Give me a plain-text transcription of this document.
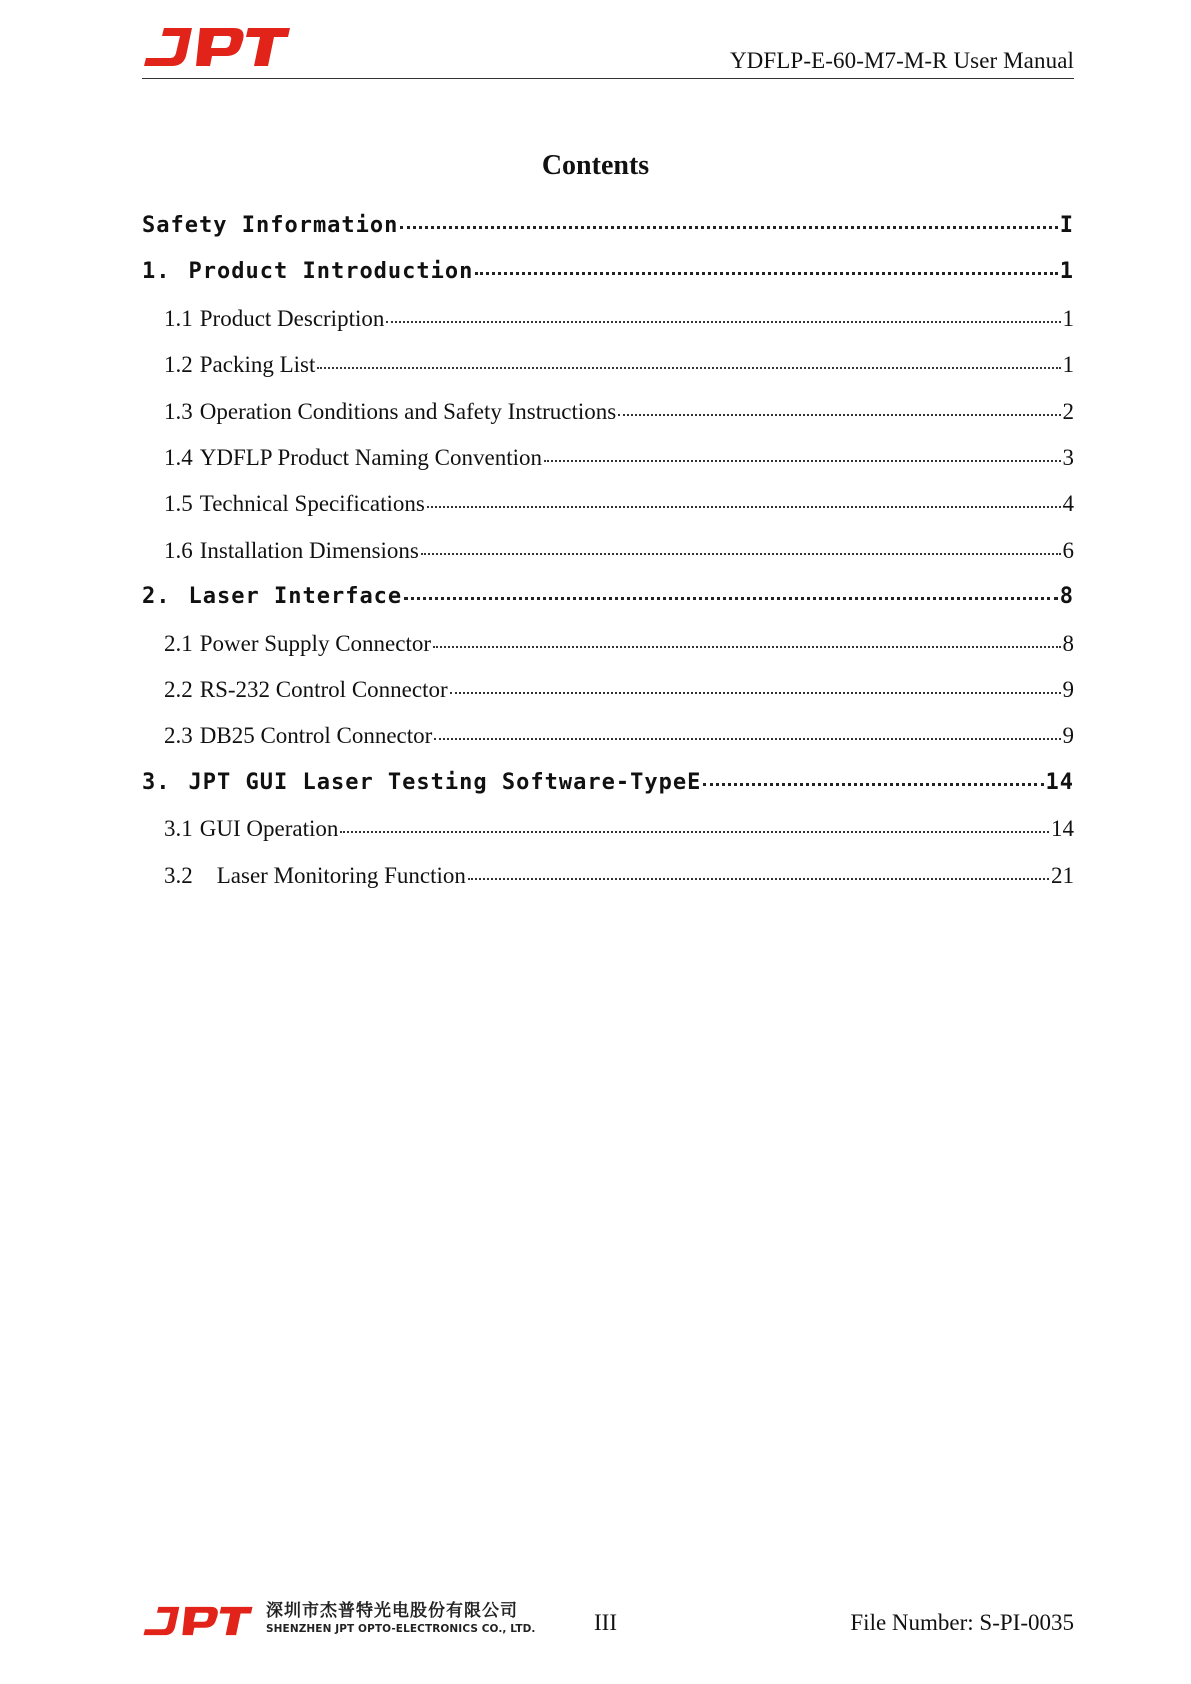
YDFLP-E-60-M7-M-R User Manual
Contents
Safety Information	I
1. Product Introduction	1
1.1 Product Description	1
1.2 Packing List	1
1.3 Operation Conditions and Safety Instructions	2
1.4 YDFLP Product Naming Convention	3
1.5 Technical Specifications	4
1.6 Installation Dimensions	6
2. Laser Interface	8
2.1 Power Supply Connector	8
2.2 RS-232 Control Connector	9
2.3 DB25 Control Connector	9
3. JPT GUI Laser Testing Software-TypeE	14
3.1 GUI Operation	14
3.2 Laser Monitoring Function	21
深圳市杰普特光电股份有限公司
SHENZHEN JPT OPTO-ELECTRONICS CO., LTD.	III	File Number: S-PI-0035
